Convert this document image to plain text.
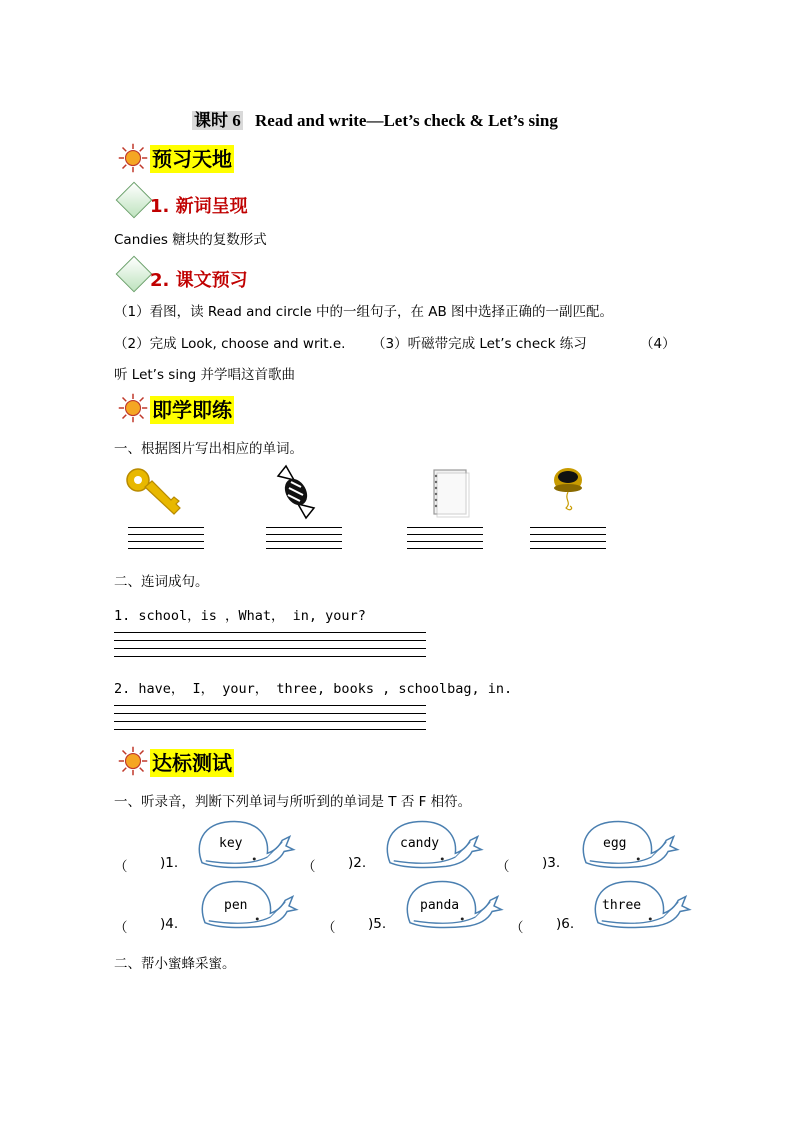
课时 6 Read and write—Let’s check & Let’s sing
预习天地
1. 新词呈现
Candies 糖块的复数形式
2. 课文预习
（1）看图，读 Read and circle 中的一组句子，在 AB 图中选择正确的一副匹配。
（2）完成 Look, choose and writ.e. （3）听磁带完成 Let’s check 练习	（4）
听 Let’s sing 并学唱这首歌曲
即学即练
一、根据图片写出相应的单词。
二、连词成句。
1. school，is ，What， in, your?
2. have， I， your， three, books , schoolbag, in.
达标测试
一、听录音，判断下列单词与所听到的单词是 T 否 F 相符。
（ )1.
key
（ )2.
candy
（ )3.
egg
（ )4.
pen
（ )5.
panda
（ )6.
three
二、帮小蜜蜂采蜜。
